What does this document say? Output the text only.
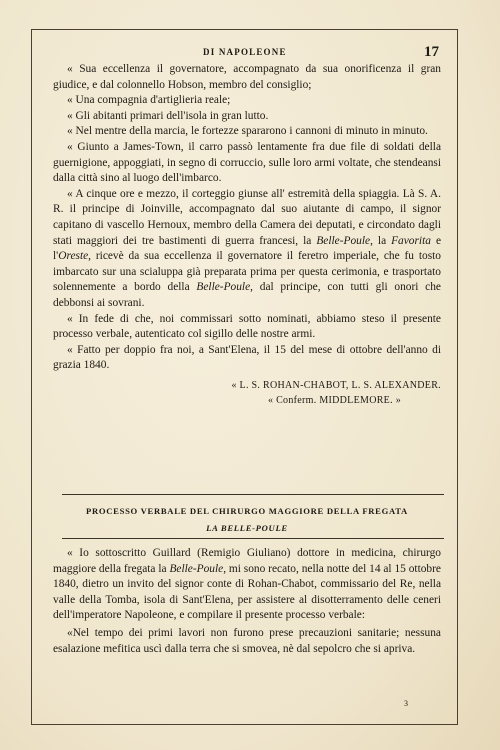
DI NAPOLEONE	17

« Sua eccellenza il governatore, accompagnato da sua onorificenza il gran giudice, e dal colonnello Hobson, membro del consiglio;

« Una compagnia d'artiglieria reale;

« Gli abitanti primari dell'isola in gran lutto.

« Nel mentre della marcia, le fortezze spararono i cannoni di minuto in minuto.

« Giunto a James-Town, il carro passò lentamente fra due file di soldati della guernigione, appoggiati, in segno di corruccio, sulle loro armi voltate, che stendeansi dalla città sino al luogo dell'imbarco.

« A cinque ore e mezzo, il corteggio giunse all' estremità della spiaggia. Là S. A. R. il principe di Joinville, accompagnato dal suo aiutante di campo, il signor capitano di vascello Hernoux, membro della Camera dei deputati, e circondato dagli stati maggiori dei tre bastimenti di guerra francesi, la Belle-Poule, la Favorita e l'Oreste, ricevè da sua eccellenza il governatore il feretro imperiale, che fu tosto imbarcato sur una scialuppa già preparata prima per questa cerimonia, e trasportato solennemente a bordo della Belle-Poule, dal principe, con tutti gli onori che debbonsi ai sovrani.

« In fede di che, noi commissari sotto nominati, abbiamo steso il presente processo verbale, autenticato col sigillo delle nostre armi.

« Fatto per doppio fra noi, a Sant'Elena, il 15 del mese di ottobre dell'anno di grazia 1840.

« L. S. ROHAN-CHABOT, L. S. ALEXANDER.
« Conferm. MIDDLEMORE. »
PROCESSO VERBALE DEL CHIRURGO MAGGIORE DELLA FREGATA
LA BELLE-POULE

« Io sottoscritto Guillard (Remigio Giuliano) dottore in medicina, chirurgo maggiore della fregata la Belle-Poule, mi sono recato, nella notte del 14 al 15 ottobre 1840, dietro un invito del signor conte di Rohan-Chabot, commissario del Re, nella valle della Tomba, isola di Sant'Elena, per assistere al disotterramento delle ceneri dell'imperatore Napoleone, e compilare il presente processo verbale:

«Nel tempo dei primi lavori non furono prese precauzioni sanitarie; nessuna esalazione mefitica uscì dalla terra che si smovea, nè dal sepolcro che si apriva.

3
